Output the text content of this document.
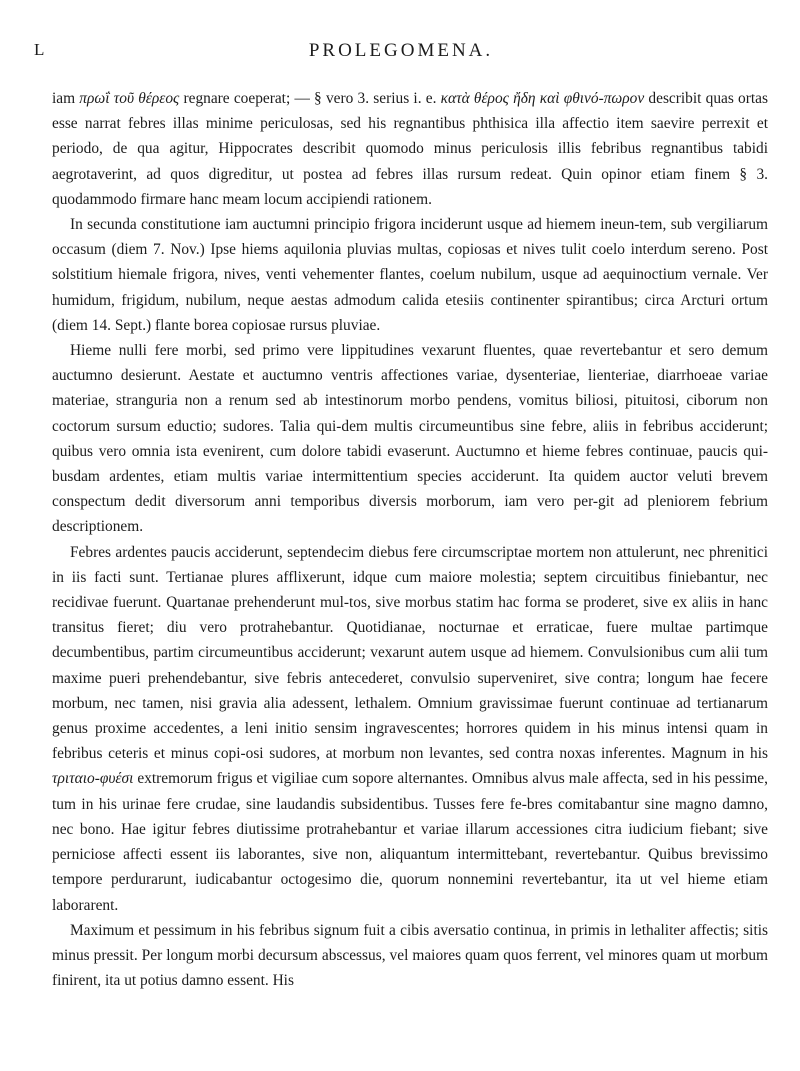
L	PROLEGOMENA.

iam πρωΐ τοῦ θέρεος regnare coeperat; — § vero 3. serius i. e. κατὰ θέρος ἤδη καὶ φθινό-πωρον describit quas ortas esse narrat febres illas minime periculosas, sed his regnantibus phthisica illa affectio item saevire perrexit et periodo, de qua agitur, Hippocrates describit quomodo minus periculosis illis febribus regnantibus tabidi aegrotaverint, ad quos digreditur, ut postea ad febres illas rursum redeat. Quin opinor etiam finem § 3. quodammodo firmare hanc meam locum accipiendi rationem.

In secunda constitutione iam auctumni principio frigora inciderunt usque ad hiemem ineun-tem, sub vergiliarum occasum (diem 7. Nov.) Ipse hiems aquilonia pluvias multas, copiosas et nives tulit coelo interdum sereno. Post solstitium hiemale frigora, nives, venti vehementer flantes, coelum nubilum, usque ad aequinoctium vernale. Ver humidum, frigidum, nubilum, neque aestas admodum calida etesiis continenter spirantibus; circa Arcturi ortum (diem 14. Sept.) flante borea copiosae rursus pluviae.

Hieme nulli fere morbi, sed primo vere lippitudines vexarunt fluentes, quae revertebantur et sero demum auctumno desierunt. Aestate et auctumno ventris affectiones variae, dysenteriae, lienteriae, diarrhoeae variae materiae, stranguria non a renum sed ab intestinorum morbo pendens, vomitus biliosi, pituitosi, ciborum non coctorum sursum eductio; sudores. Talia qui-dem multis circumeuntibus sine febre, aliis in febribus acciderunt; quibus vero omnia ista evenirent, cum dolore tabidi evaserunt. Auctumno et hieme febres continuae, paucis qui-busdam ardentes, etiam multis variae intermittentium species acciderunt. Ita quidem auctor veluti brevem conspectum dedit diversorum anni temporibus diversis morborum, iam vero per-git ad pleniorem febrium descriptionem.

Febres ardentes paucis acciderunt, septendecim diebus fere circumscriptae mortem non attulerunt, nec phrenitici in iis facti sunt. Tertianae plures afflixerunt, idque cum maiore molestia; septem circuitibus finiebantur, nec recidivae fuerunt. Quartanae prehenderunt mul-tos, sive morbus statim hac forma se proderet, sive ex aliis in hanc transitus fieret; diu vero protrahebantur. Quotidianae, nocturnae et erraticae, fuere multae partimque decumbentibus, partim circumeuntibus acciderunt; vexarunt autem usque ad hiemem. Convulsionibus cum alii tum maxime pueri prehendebantur, sive febris antecederet, convulsio superveniret, sive contra; longum hae fecere morbum, nec tamen, nisi gravia alia adessent, lethalem. Omnium gravissimae fuerunt continuae ad tertianarum genus proxime accedentes, a leni initio sensim ingravescentes; horrores quidem in his minus intensi quam in febribus ceteris et minus copi-osi sudores, at morbum non levantes, sed contra noxas inferentes. Magnum in his τριταιο-φυέσι extremorum frigus et vigiliae cum sopore alternantes. Omnibus alvus male affecta, sed in his pessime, tum in his urinae fere crudae, sine laudandis subsidentibus. Tusses fere fe-bres comitabantur sine magno damno, nec bono. Hae igitur febres diutissime protrahebantur et variae illarum accessiones citra iudicium fiebant; sive perniciose affecti essent iis laborantes, sive non, aliquantum intermittebant, revertebantur. Quibus brevissimo tempore perdurarunt, iudicabantur octogesimo die, quorum nonnemini revertebantur, ita ut vel hieme etiam laborarent.

Maximum et pessimum in his febribus signum fuit a cibis aversatio continua, in primis in lethaliter affectis; sitis minus pressit. Per longum morbi decursum abscessus, vel maiores quam quos ferrent, vel minores quam ut morbum finirent, ita ut potius damno essent. His
